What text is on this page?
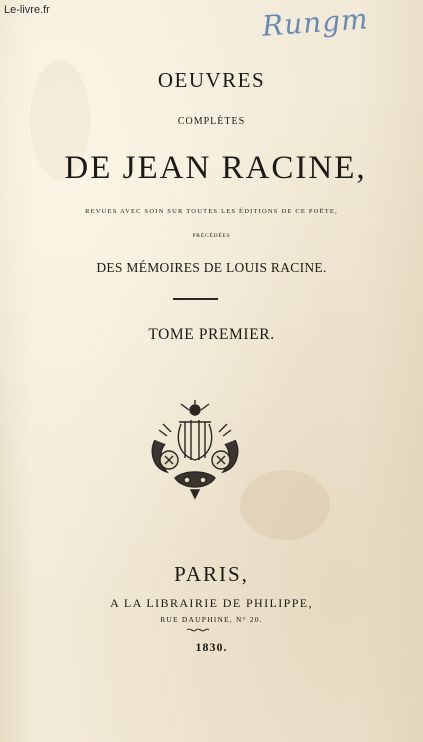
Le-livre.fr	Rungm
OEUVRES
COMPLÈTES
DE JEAN RACINE,
REVUES AVEC SOIN SUR TOUTES LES ÉDITIONS DE CE POËTE,
PRÉCÉDÉES
DES MÉMOIRES DE LOUIS RACINE.
TOME PREMIER.
PARIS,
A LA LIBRAIRIE DE PHILIPPE,
RUE DAUPHINE, N° 20.
1830.
